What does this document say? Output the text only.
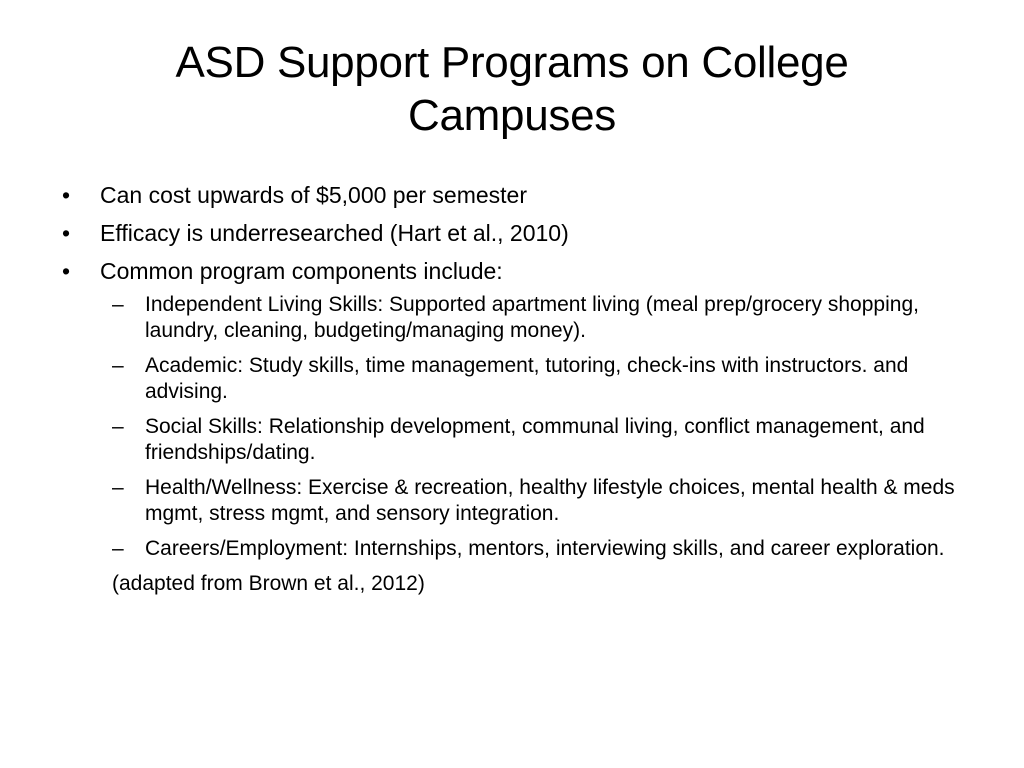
ASD Support Programs on College Campuses
•	Can cost upwards of $5,000 per semester
•	Efficacy is underresearched (Hart et al., 2010)
•	Common program components include:
– Independent Living Skills: Supported apartment living (meal prep/grocery shopping, laundry, cleaning, budgeting/managing money).
– Academic: Study skills, time management, tutoring, check-ins with instructors. and advising.
– Social Skills: Relationship development, communal living, conflict management, and friendships/dating.
– Health/Wellness: Exercise & recreation, healthy lifestyle choices, mental health & meds mgmt, stress mgmt, and sensory integration.
– Careers/Employment: Internships, mentors, interviewing skills, and career exploration.
(adapted from Brown et al., 2012)
